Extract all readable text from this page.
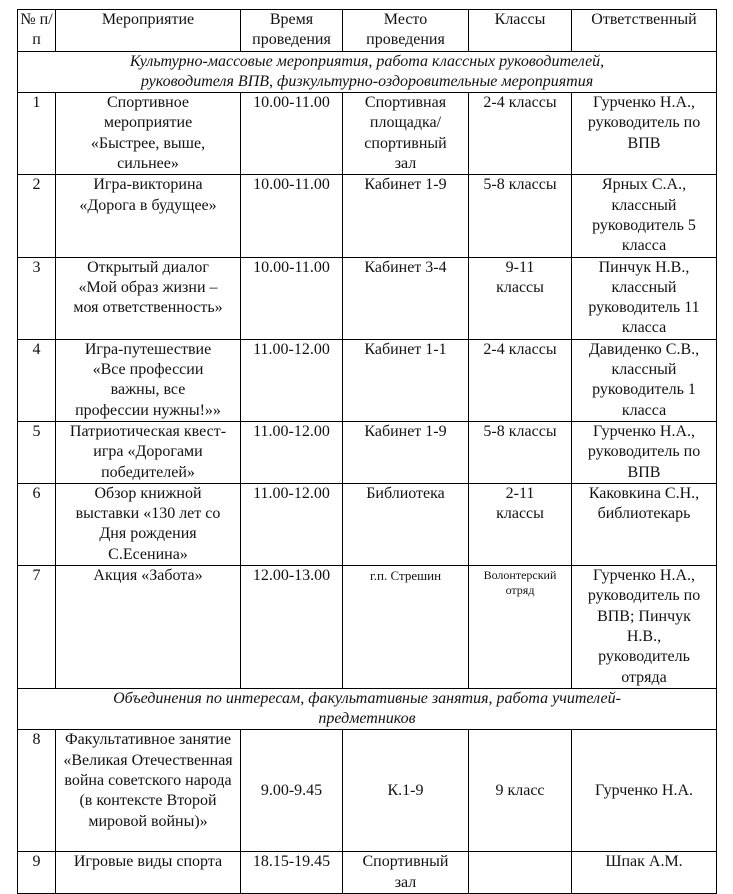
№ п/п	Мероприятие	Время проведения	Место проведения	Классы	Ответственный
Культурно-массовые мероприятия, работа классных руководителей, руководителя ВПВ, физкультурно-оздоровительные мероприятия					
1	Спортивное мероприятие «Быстрее, выше, сильнее»	10.00-11.00	Спортивная площадка/ спортивный зал	2-4 классы	Гурченко Н.А., руководитель по ВПВ
2	Игра-викторина «Дорога в будущее»	10.00-11.00	Кабинет 1-9	5-8 классы	Ярных С.А., классный руководитель 5 класса
3	Открытый диалог «Мой образ жизни – моя ответственность»	10.00-11.00	Кабинет 3-4	9-11 классы	Пинчук Н.В., классный руководитель 11 класса
4	Игра-путешествие «Все профессии важны, все профессии нужны!»»	11.00-12.00	Кабинет 1-1	2-4 классы	Давиденко С.В., классный руководитель 1 класса
5	Патриотическая квест-игра «Дорогами победителей»	11.00-12.00	Кабинет 1-9	5-8 классы	Гурченко Н.А., руководитель по ВПВ
6	Обзор книжной выставки «130 лет со Дня рождения С.Есенина»	11.00-12.00	Библиотека	2-11 классы	Каковкина С.Н., библиотекарь
7	Акция «Забота»	12.00-13.00	г.п. Стрешин	Волонтерский отряд	Гурченко Н.А., руководитель по ВПВ; Пинчук Н.В., руководитель отряда
Объединения по интересам, факультативные занятия, работа учителей-предметников					
8	Факультативное занятие «Великая Отечественная война советского народа (в контексте Второй мировой войны)»	9.00-9.45	К.1-9	9 класс	Гурченко Н.А.
9	Игровые виды спорта	18.15-19.45	Спортивный зал		Шпак А.М.
